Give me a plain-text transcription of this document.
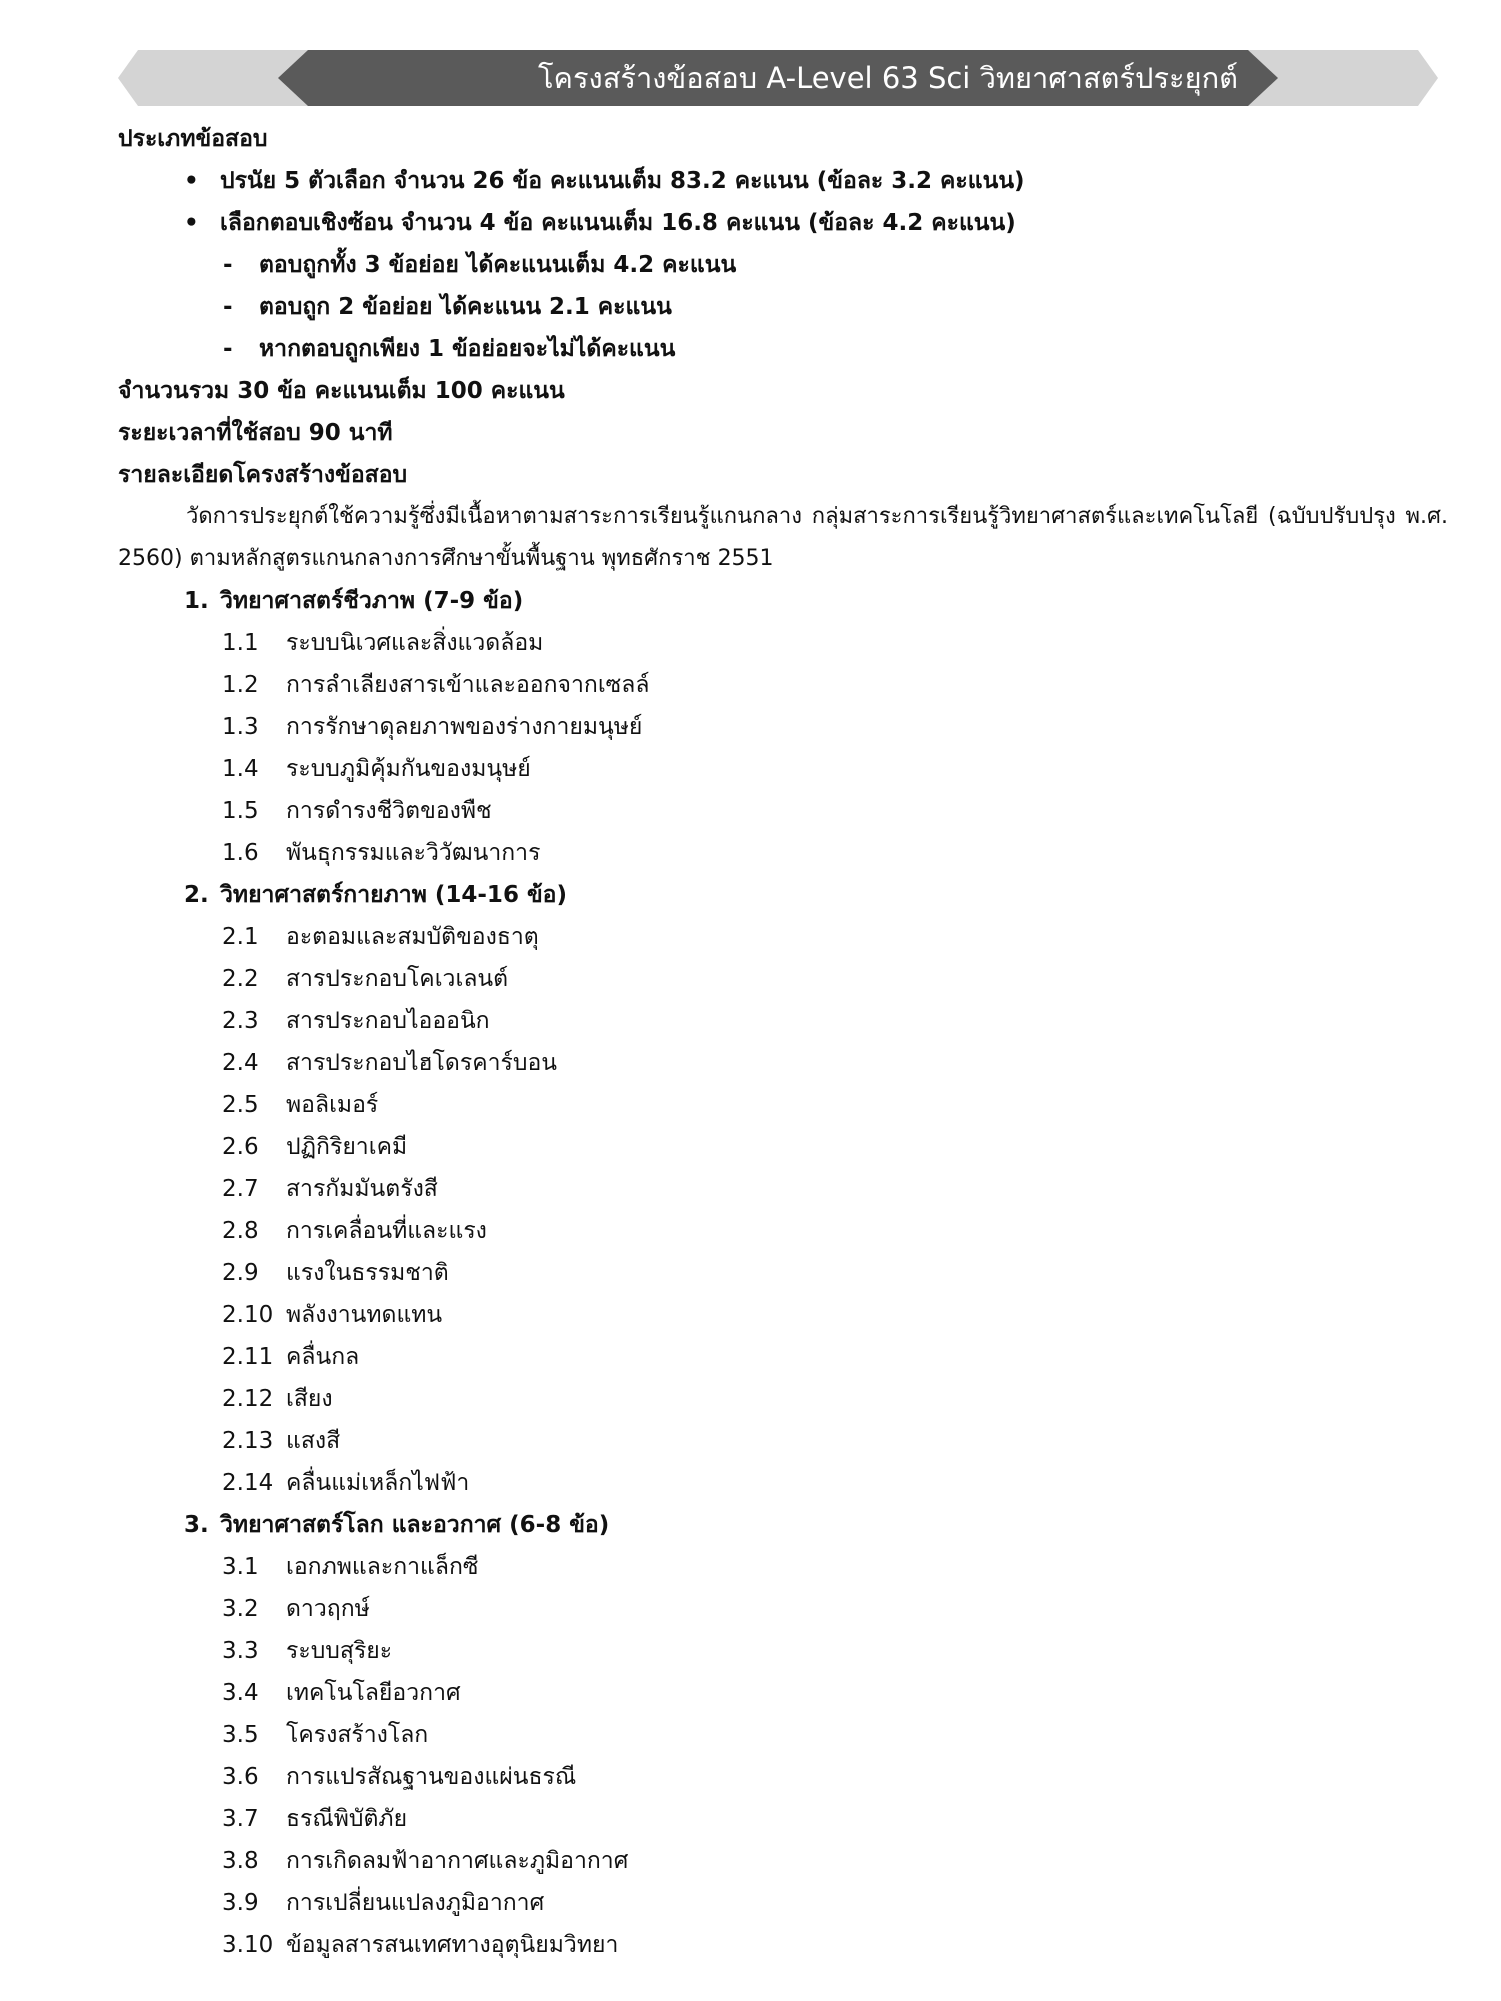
โครงสร้างข้อสอบ A-Level 63 Sci วิทยาศาสตร์ประยุกต์
ประเภทข้อสอบ
• ปรนัย 5 ตัวเลือก จำนวน 26 ข้อ คะแนนเต็ม 83.2 คะแนน (ข้อละ 3.2 คะแนน)
• เลือกตอบเชิงซ้อน จำนวน 4 ข้อ คะแนนเต็ม 16.8 คะแนน (ข้อละ 4.2 คะแนน)
- ตอบถูกทั้ง 3 ข้อย่อย ได้คะแนนเต็ม 4.2 คะแนน
- ตอบถูก 2 ข้อย่อย ได้คะแนน 2.1 คะแนน
- หากตอบถูกเพียง 1 ข้อย่อยจะไม่ได้คะแนน
จำนวนรวม 30 ข้อ คะแนนเต็ม 100 คะแนน
ระยะเวลาที่ใช้สอบ 90 นาที
รายละเอียดโครงสร้างข้อสอบ

วัดการประยุกต์ใช้ความรู้ซึ่งมีเนื้อหาตามสาระการเรียนรู้แกนกลาง กลุ่มสาระการเรียนรู้วิทยาศาสตร์และเทคโนโลยี (ฉบับปรับปรุง พ.ศ. 2560) ตามหลักสูตรแกนกลางการศึกษาขั้นพื้นฐาน พุทธศักราช 2551

1. วิทยาศาสตร์ชีวภาพ (7-9 ข้อ)
1.1 ระบบนิเวศและสิ่งแวดล้อม
1.2 การลำเลียงสารเข้าและออกจากเซลล์
1.3 การรักษาดุลยภาพของร่างกายมนุษย์
1.4 ระบบภูมิคุ้มกันของมนุษย์
1.5 การดำรงชีวิตของพืช
1.6 พันธุกรรมและวิวัฒนาการ
2. วิทยาศาสตร์กายภาพ (14-16 ข้อ)
2.1 อะตอมและสมบัติของธาตุ
2.2 สารประกอบโคเวเลนต์
2.3 สารประกอบไอออนิก
2.4 สารประกอบไฮโดรคาร์บอน
2.5 พอลิเมอร์
2.6 ปฏิกิริยาเคมี
2.7 สารกัมมันตรังสี
2.8 การเคลื่อนที่และแรง
2.9 แรงในธรรมชาติ
2.10 พลังงานทดแทน
2.11 คลื่นกล
2.12 เสียง
2.13 แสงสี
2.14 คลื่นแม่เหล็กไฟฟ้า
3. วิทยาศาสตร์โลก และอวกาศ (6-8 ข้อ)
3.1 เอกภพและกาแล็กซี
3.2 ดาวฤกษ์
3.3 ระบบสุริยะ
3.4 เทคโนโลยีอวกาศ
3.5 โครงสร้างโลก
3.6 การแปรสัณฐานของแผ่นธรณี
3.7 ธรณีพิบัติภัย
3.8 การเกิดลมฟ้าอากาศและภูมิอากาศ
3.9 การเปลี่ยนแปลงภูมิอากาศ
3.10 ข้อมูลสารสนเทศทางอุตุนิยมวิทยา
